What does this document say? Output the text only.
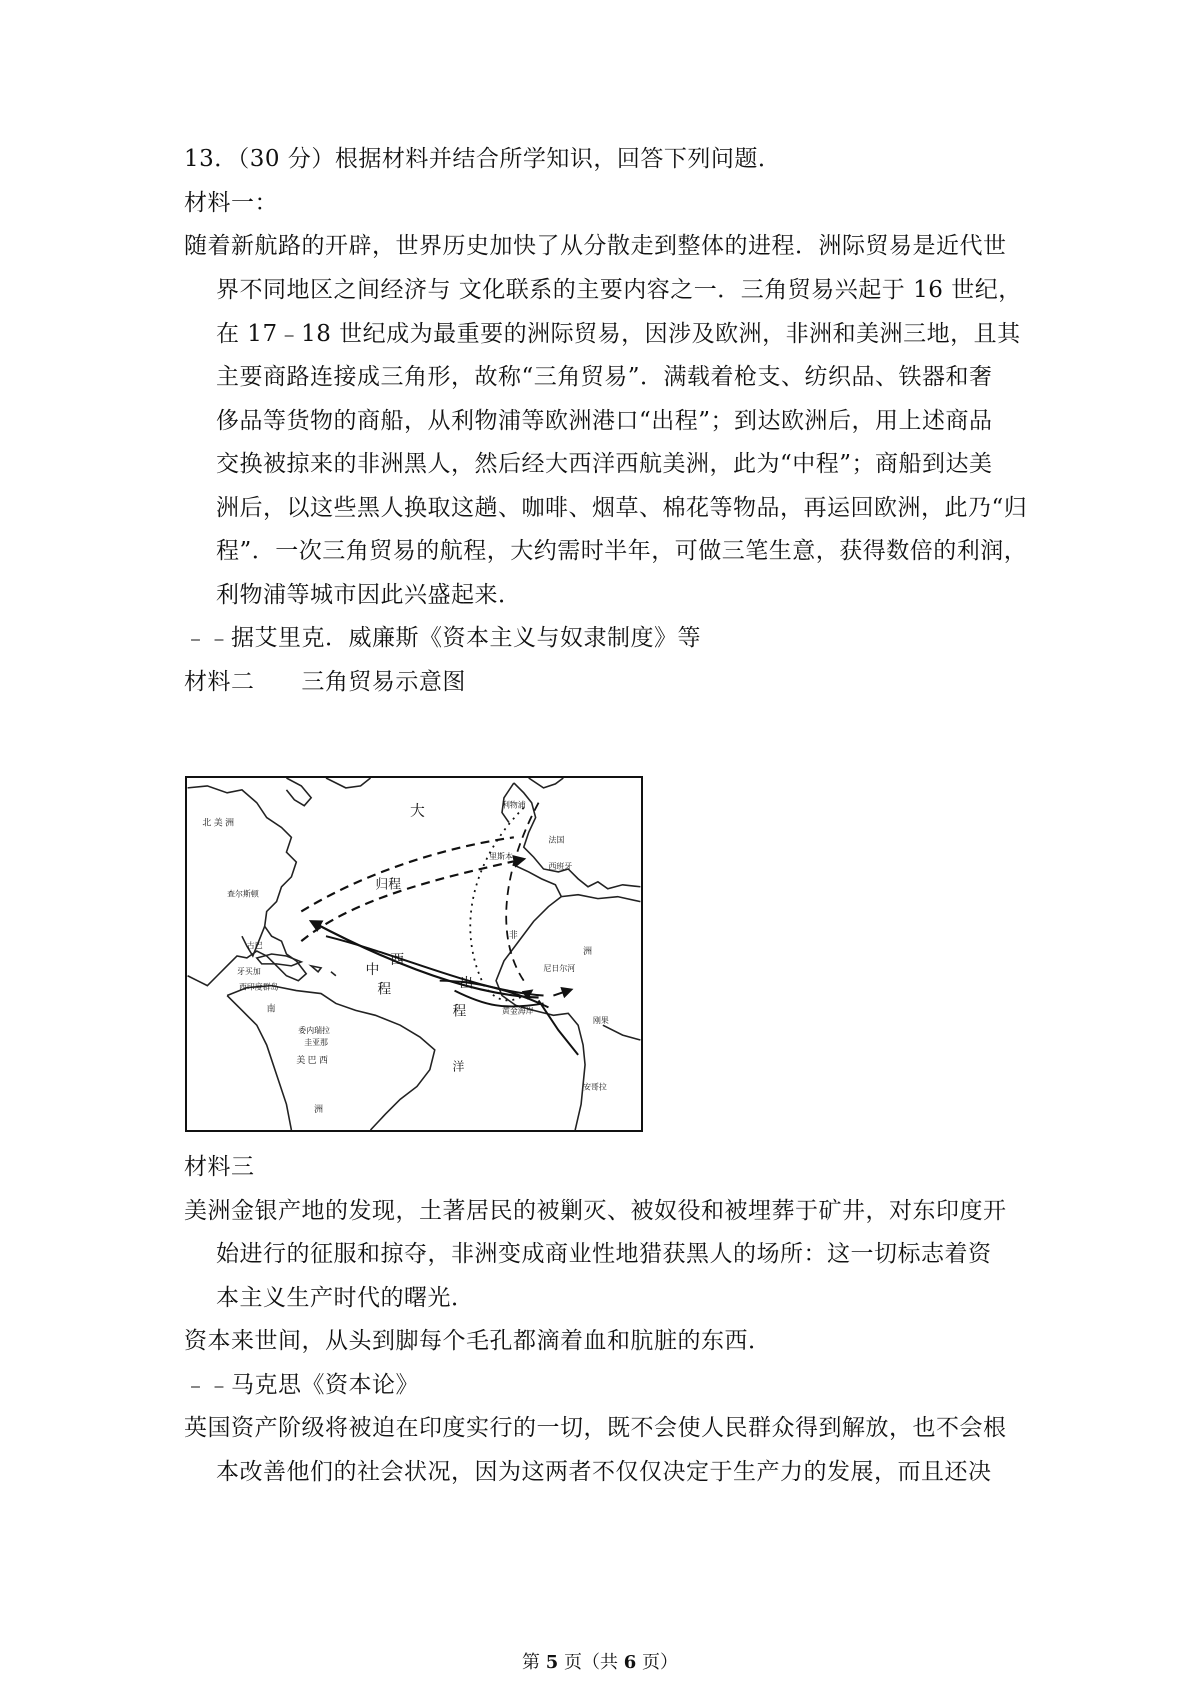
13．（30 分）根据材料并结合所学知识，回答下列问题．
材料一：
随着新航路的开辟，世界历史加快了从分散走到整体的进程．洲际贸易是近代世
界不同地区之间经济与 文化联系的主要内容之一．三角贸易兴起于 16 世纪，
在 17﹣18 世纪成为最重要的洲际贸易，因涉及欧洲，非洲和美洲三地，且其
主要商路连接成三角形，故称“三角贸易”．满载着枪支、纺织品、铁器和奢
侈品等货物的商船，从利物浦等欧洲港口“出程”；到达欧洲后，用上述商品
交换被掠来的非洲黑人，然后经大西洋西航美洲，此为“中程”；商船到达美
洲后，以这些黑人换取这趟、咖啡、烟草、棉花等物品，再运回欧洲，此乃“归
程”．一次三角贸易的航程，大约需时半年，可做三笔生意，获得数倍的利润，
利物浦等城市因此兴盛起来．
﹣﹣据艾里克．威廉斯《资本主义与奴隶制度》等
材料二      三角贸易示意图
大
西
洋
北 美 洲
南
美 巴 西
洲
非
洲
归程
中
程	出
程
查尔斯顿
古巴
牙买加
西印度群岛
委内瑞拉
圭亚那
利物浦
法国
里斯本
西班牙
黄金海岸
尼日尔河
安哥拉
刚果
材料三
美洲金银产地的发现，土著居民的被剿灭、被奴役和被埋葬于矿井，对东印度开
始进行的征服和掠夺，非洲变成商业性地猎获黑人的场所：这一切标志着资
本主义生产时代的曙光．
资本来世间，从头到脚每个毛孔都滴着血和肮脏的东西．
﹣﹣马克思《资本论》
英国资产阶级将被迫在印度实行的一切，既不会使人民群众得到解放，也不会根
本改善他们的社会状况，因为这两者不仅仅决定于生产力的发展，而且还决
第 5 页（共 6 页）
